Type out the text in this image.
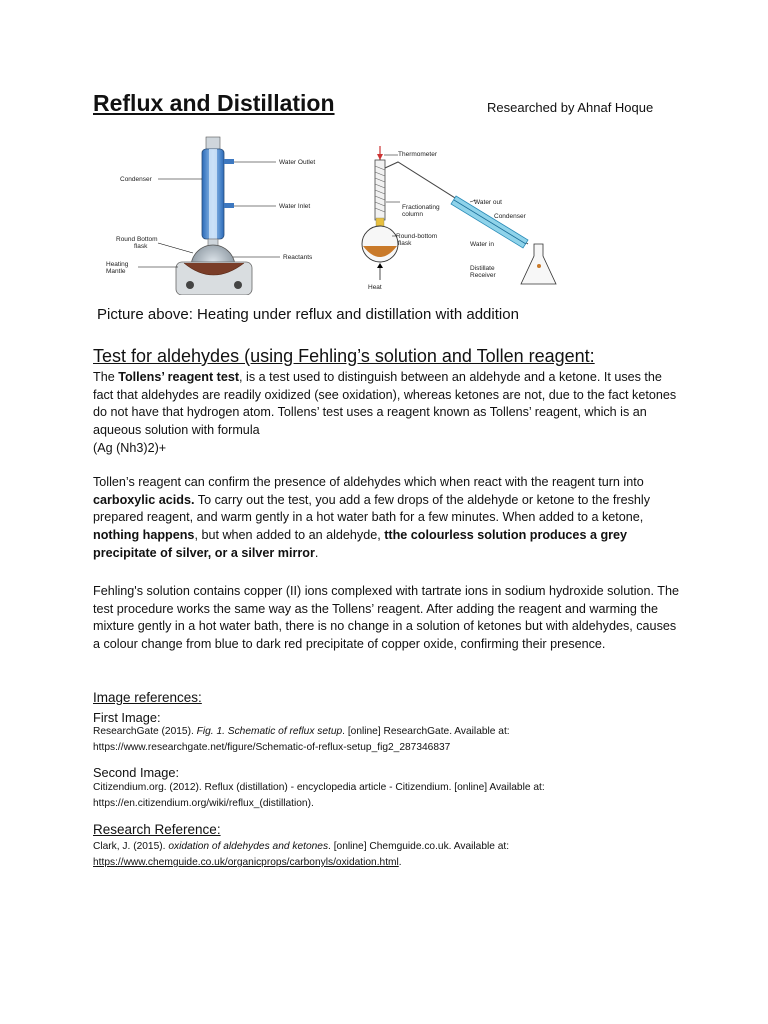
Reflux and Distillation	Researched by Ahnaf Hoque
Condenser
Water Outlet
Water Inlet
Round Bottom
flask
Reactants
Heating
Mantle
Thermometer
Fractionating
column
Water out
Condenser
Round-bottom
flask	Water in
Heat
Distillate
Receiver
Picture above: Heating under reflux and distillation with addition
Test for aldehydes (using Fehling’s solution and Tollen reagent:
The Tollens’ reagent test, is a test used to distinguish between an aldehyde and a ketone. It uses the fact that aldehydes are readily oxidized (see oxidation), whereas ketones are not, due to the fact ketones do not have that hydrogen atom. Tollens’ test uses a reagent known as Tollens’ reagent, which is an aqueous solution with formula
(Ag (Nh3)2)+
Tollen’s reagent can confirm the presence of aldehydes which when react with the reagent turn into carboxylic acids. To carry out the test, you add a few drops of the aldehyde or ketone to the freshly prepared reagent, and warm gently in a hot water bath for a few minutes. When added to a ketone, nothing happens, but when added to an aldehyde, tthe colourless solution produces a grey precipitate of silver, or a silver mirror.
Fehling's solution contains copper (II) ions complexed with tartrate ions in sodium hydroxide solution. The test procedure works the same way as the Tollens’ reagent. After adding the reagent and warming the mixture gently in a hot water bath, there is no change in a solution of ketones but with aldehydes, causes a colour change from blue to dark red precipitate of copper oxide, confirming their presence.
Image references:
First Image:
ResearchGate (2015). Fig. 1. Schematic of reflux setup. [online] ResearchGate. Available at:
https://www.researchgate.net/figure/Schematic-of-reflux-setup_fig2_287346837
Second Image:
Citizendium.org. (2012). Reflux (distillation) - encyclopedia article - Citizendium. [online] Available at:
https://en.citizendium.org/wiki/reflux_(distillation).
Research Reference:
Clark, J. (2015). oxidation of aldehydes and ketones. [online] Chemguide.co.uk. Available at:
https://www.chemguide.co.uk/organicprops/carbonyls/oxidation.html.
